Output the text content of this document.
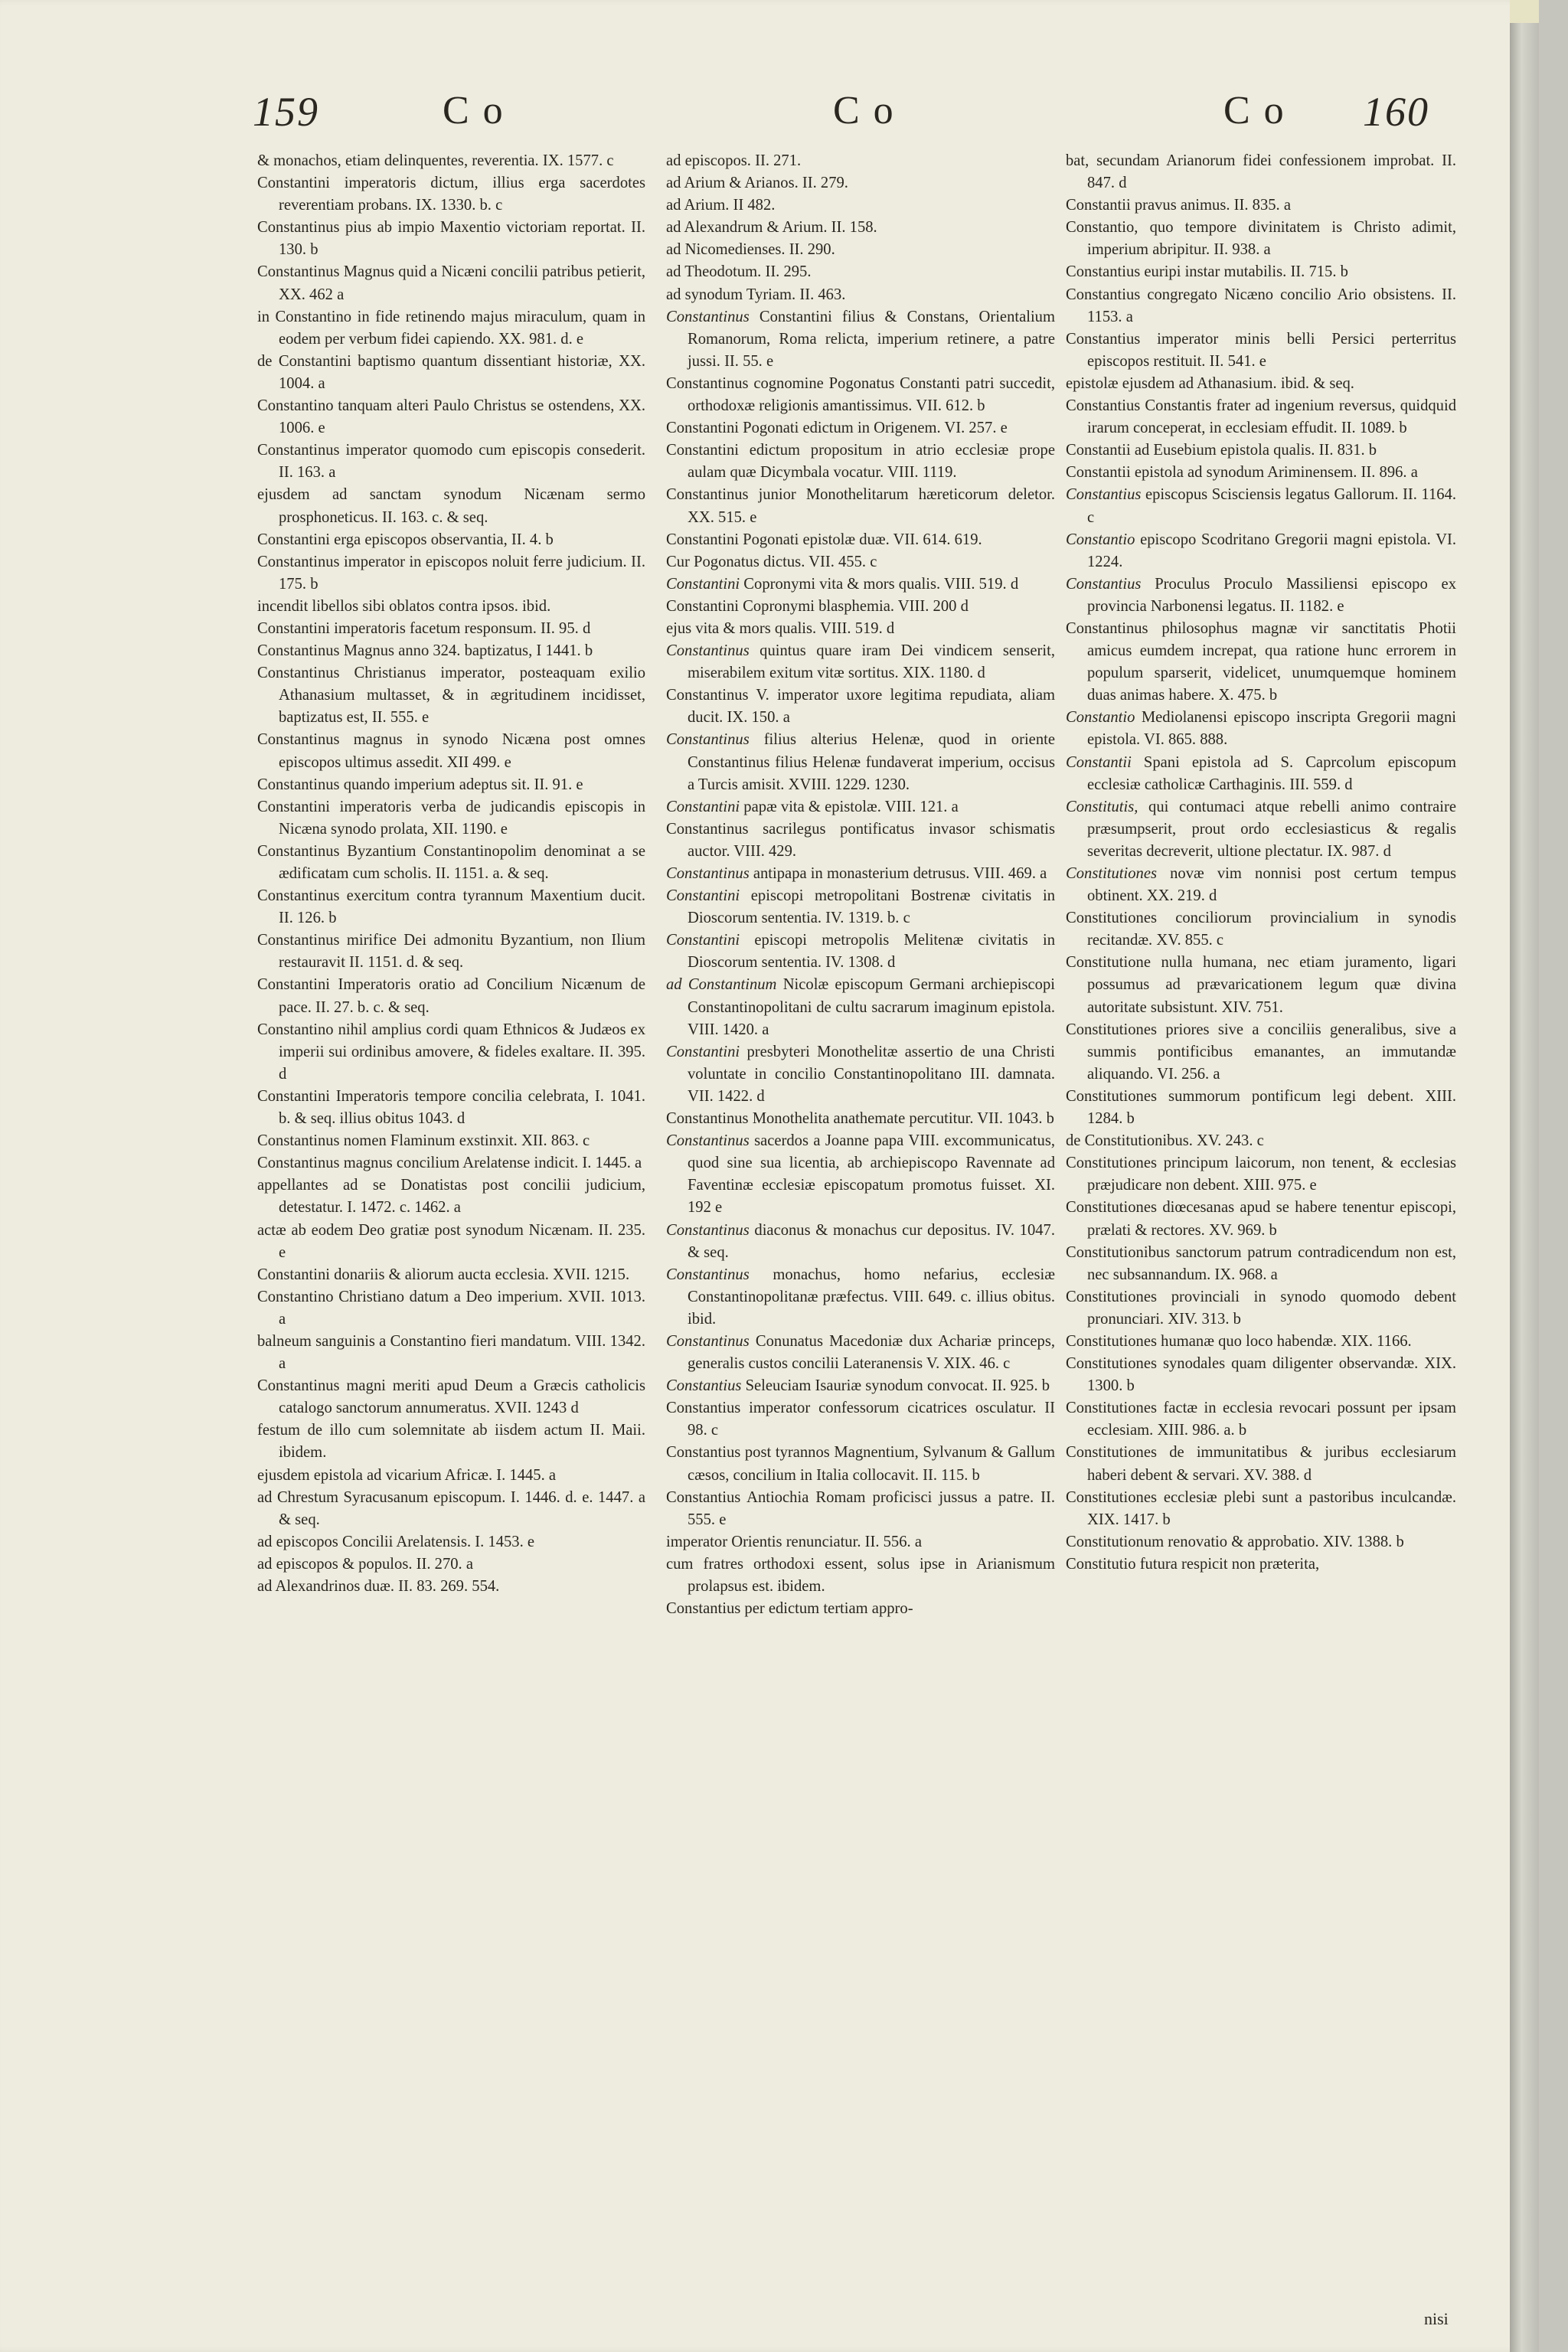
159	Co	Co	Co 160

& monachos, etiam delinquentes, reverentia. IX. 1577. c

Constantini imperatoris dictum, illius erga sacerdotes reverentiam probans. IX. 1330. b. c

Constantinus pius ab impio Maxentio victoriam reportat. II. 130. b

Constantinus Magnus quid a Nicæni concilii patribus petierit, XX. 462 a

in Constantino in fide retinendo majus miraculum, quam in eodem per verbum fidei capiendo. XX. 981. d. e

de Constantini baptismo quantum dissentiant historiæ, XX. 1004. a

Constantino tanquam alteri Paulo Christus se ostendens, XX. 1006. e

Constantinus imperator quomodo cum episcopis consederit. II. 163. a

ejusdem ad sanctam synodum Nicænam sermo prosphoneticus. II. 163. c. & seq.

Constantini erga episcopos observantia, II. 4. b

Constantinus imperator in episcopos noluit ferre judicium. II. 175. b

incendit libellos sibi oblatos contra ipsos. ibid.

Constantini imperatoris facetum responsum. II. 95. d

Constantinus Magnus anno 324. baptizatus, I 1441. b

Constantinus Christianus imperator, posteaquam exilio Athanasium multasset, & in ægritudinem incidisset, baptizatus est, II. 555. e

Constantinus magnus in synodo Nicæna post omnes episcopos ultimus assedit. XII 499. e

Constantinus quando imperium adeptus sit. II. 91. e

Constantini imperatoris verba de judicandis episcopis in Nicæna synodo prolata, XII. 1190. e

Constantinus Byzantium Constantinopolim denominat a se ædificatam cum scholis. II. 1151. a. & seq.

Constantinus exercitum contra tyrannum Maxentium ducit. II. 126. b

Constantinus mirifice Dei admonitu Byzantium, non Ilium restauravit II. 1151. d. & seq.

Constantini Imperatoris oratio ad Concilium Nicænum de pace. II. 27. b. c. & seq.

Constantino nihil amplius cordi quam Ethnicos & Judæos ex imperii sui ordinibus amovere, & fideles exaltare. II. 395. d

Constantini Imperatoris tempore concilia celebrata, I. 1041. b. & seq. illius obitus 1043. d

Constantinus nomen Flaminum exstinxit. XII. 863. c

Constantinus magnus concilium Arelatense indicit. I. 1445. a

appellantes ad se Donatistas post concilii judicium, detestatur. I. 1472. c. 1462. a

actæ ab eodem Deo gratiæ post synodum Nicænam. II. 235. e

Constantini donariis & aliorum aucta ecclesia. XVII. 1215.

Constantino Christiano datum a Deo imperium. XVII. 1013. a

balneum sanguinis a Constantino fieri mandatum. VIII. 1342. a

Constantinus magni meriti apud Deum a Græcis catholicis catalogo sanctorum annumeratus. XVII. 1243 d

festum de illo cum solemnitate ab iisdem actum II. Maii. ibidem.

ejusdem epistola ad vicarium Africæ. I. 1445. a

ad Chrestum Syracusanum episcopum. I. 1446. d. e. 1447. a & seq.

ad episcopos Concilii Arelatensis. I. 1453. e

ad episcopos & populos. II. 270. a

ad Alexandrinos duæ. II. 83. 269. 554.

ad episcopos. II. 271.

ad Arium & Arianos. II. 279.

ad Arium. II 482.

ad Alexandrum & Arium. II. 158.

ad Nicomedienses. II. 290.

ad Theodotum. II. 295.

ad synodum Tyriam. II. 463.

Constantinus Constantini filius & Constans, Orientalium Romanorum, Roma relicta, imperium retinere, a patre jussi. II. 55. e

Constantinus cognomine Pogonatus Constanti patri succedit, orthodoxæ religionis amantissimus. VII. 612. b

Constantini Pogonati edictum in Origenem. VI. 257. e

Constantini edictum propositum in atrio ecclesiæ prope aulam quæ Dicymbala vocatur. VIII. 1119.

Constantinus junior Monothelitarum hæreticorum deletor. XX. 515. e

Constantini Pogonati epistolæ duæ. VII. 614. 619.

Cur Pogonatus dictus. VII. 455. c

Constantini Copronymi vita & mors qualis. VIII. 519. d

Constantini Copronymi blasphemia. VIII. 200 d

ejus vita & mors qualis. VIII. 519. d

Constantinus quintus quare iram Dei vindicem senserit, miserabilem exitum vitæ sortitus. XIX. 1180. d

Constantinus V. imperator uxore legitima repudiata, aliam ducit. IX. 150. a

Constantinus filius alterius Helenæ, quod in oriente Constantinus filius Helenæ fundaverat imperium, occisus a Turcis amisit. XVIII. 1229. 1230.

Constantini papæ vita & epistolæ. VIII. 121. a

Constantinus sacrilegus pontificatus invasor schismatis auctor. VIII. 429.

Constantinus antipapa in monasterium detrusus. VIII. 469. a

Constantini episcopi metropolitani Bostrenæ civitatis in Dioscorum sententia. IV. 1319. b. c

Constantini episcopi metropolis Melitenæ civitatis in Dioscorum sententia. IV. 1308. d

ad Constantinum Nicolæ episcopum Germani archiepiscopi Constantinopolitani de cultu sacrarum imaginum epistola. VIII. 1420. a

Constantini presbyteri Monothelitæ assertio de una Christi voluntate in concilio Constantinopolitano III. damnata. VII. 1422. d

Constantinus Monothelita anathemate percutitur. VII. 1043. b

Constantinus sacerdos a Joanne papa VIII. excommunicatus, quod sine sua licentia, ab archiepiscopo Ravennate ad Faventinæ ecclesiæ episcopatum promotus fuisset. XI. 192 e

Constantinus diaconus & monachus cur depositus. IV. 1047. & seq.

Constantinus monachus, homo nefarius, ecclesiæ Constantinopolitanæ præfectus. VIII. 649. c. illius obitus. ibid.

Constantinus Conunatus Macedoniæ dux Achariæ princeps, generalis custos concilii Lateranensis V. XIX. 46. c

Constantius Seleuciam Isauriæ synodum convocat. II. 925. b

Constantius imperator confessorum cicatrices osculatur. II 98. c

Constantius post tyrannos Magnentium, Sylvanum & Gallum cæsos, concilium in Italia collocavit. II. 115. b

Constantius Antiochia Romam proficisci jussus a patre. II. 555. e

imperator Orientis renunciatur. II. 556. a

cum fratres orthodoxi essent, solus ipse in Arianismum prolapsus est. ibidem.

Constantius per edictum tertiam appro-

bat, secundam Arianorum fidei confessionem improbat. II. 847. d

Constantii pravus animus. II. 835. a

Constantio, quo tempore divinitatem is Christo adimit, imperium abripitur. II. 938. a

Constantius euripi instar mutabilis. II. 715. b

Constantius congregato Nicæno concilio Ario obsistens. II. 1153. a

Constantius imperator minis belli Persici perterritus episcopos restituit. II. 541. e

epistolæ ejusdem ad Athanasium. ibid. & seq.

Constantius Constantis frater ad ingenium reversus, quidquid irarum conceperat, in ecclesiam effudit. II. 1089. b

Constantii ad Eusebium epistola qualis. II. 831. b

Constantii epistola ad synodum Ariminensem. II. 896. a

Constantius episcopus Scisciensis legatus Gallorum. II. 1164. c

Constantio episcopo Scodritano Gregorii magni epistola. VI. 1224.

Constantius Proculus Proculo Massiliensi episcopo ex provincia Narbonensi legatus. II. 1182. e

Constantinus philosophus magnæ vir sanctitatis Photii amicus eumdem increpat, qua ratione hunc errorem in populum sparserit, videlicet, unumquemque hominem duas animas habere. X. 475. b

Constantio Mediolanensi episcopo inscripta Gregorii magni epistola. VI. 865. 888.

Constantii Spani epistola ad S. Caprcolum episcopum ecclesiæ catholicæ Carthaginis. III. 559. d

Constitutis, qui contumaci atque rebelli animo contraire præsumpserit, prout ordo ecclesiasticus & regalis severitas decreverit, ultione plectatur. IX. 987. d

Constitutiones novæ vim nonnisi post certum tempus obtinent. XX. 219. d

Constitutiones conciliorum provincialium in synodis recitandæ. XV. 855. c

Constitutione nulla humana, nec etiam juramento, ligari possumus ad prævaricationem legum quæ divina autoritate subsistunt. XIV. 751.

Constitutiones priores sive a conciliis generalibus, sive a summis pontificibus emanantes, an immutandæ aliquando. VI. 256. a

Constitutiones summorum pontificum legi debent. XIII. 1284. b

de Constitutionibus. XV. 243. c

Constitutiones principum laicorum, non tenent, & ecclesias præjudicare non debent. XIII. 975. e

Constitutiones diœcesanas apud se habere tenentur episcopi, prælati & rectores. XV. 969. b

Constitutionibus sanctorum patrum contradicendum non est, nec subsannandum. IX. 968. a

Constitutiones provinciali in synodo quomodo debent pronunciari. XIV. 313. b

Constitutiones humanæ quo loco habendæ. XIX. 1166.

Constitutiones synodales quam diligenter observandæ. XIX. 1300. b

Constitutiones factæ in ecclesia revocari possunt per ipsam ecclesiam. XIII. 986. a. b

Constitutiones de immunitatibus & juribus ecclesiarum haberi debent & servari. XV. 388. d

Constitutiones ecclesiæ plebi sunt a pastoribus inculcandæ. XIX. 1417. b

Constitutionum renovatio & approbatio. XIV. 1388. b

Constitutio futura respicit non præterita,

nisi
